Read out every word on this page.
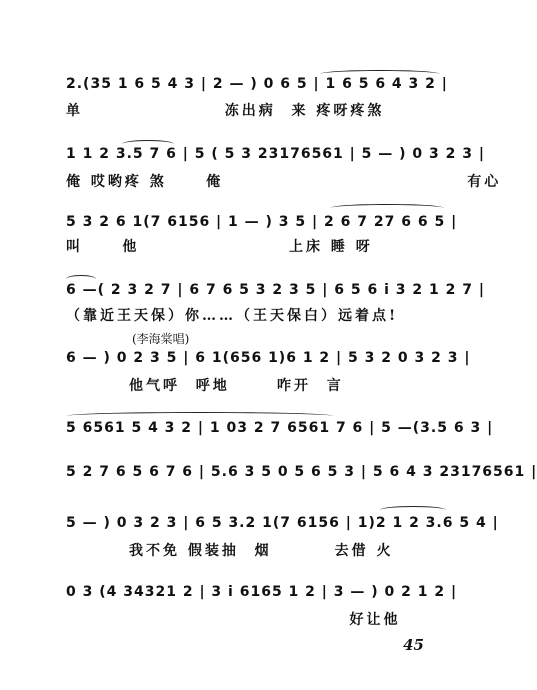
2.(35 1 6 5 4 3 | 2 — ) 0 6 5 | 1 6 5 6 4 3 2 |
单                  冻出病  来 疼呀疼煞
1 1 2 3.5 7 6 | 5 ( 5 3 23176561 | 5 — ) 0 3 2 3 |
俺 哎哟疼 煞     俺                               有心
5 3 2 6 1(7 6156 | 1 — ) 3 5 | 2 6 7 27 6 6 5 |
叫     他                   上床 睡 呀
6 —( 2 3 2 7 | 6 7 6 5 3 2 3 5 | 6 5 6 i 3 2 1 2 7 |
（靠近王天保）你……（王天保白）远着点!
(李海棠唱)
6 — ) 0 2 3 5 | 6 1(656 1)6 1 2 | 5 3 2 0 3 2 3 |
他气呼  呼地      咋开  言
5 6561 5 4 3 2 | 1 03 2 7 6561 7 6 | 5 —(3.5 6 3 |
5 2 7 6 5 6 7 6 | 5.6 3 5 0 5 6 5 3 | 5 6 4 3 23176561 |
5 — ) 0 3 2 3 | 6 5 3.2 1(7 6156 | 1)2 1 2 3.6 5 4 |
我不免 假装抽  烟        去借 火
0 3 (4 34321 2 | 3 i 6165 1 2 | 3 — ) 0 2 1 2 |
好让他
45
